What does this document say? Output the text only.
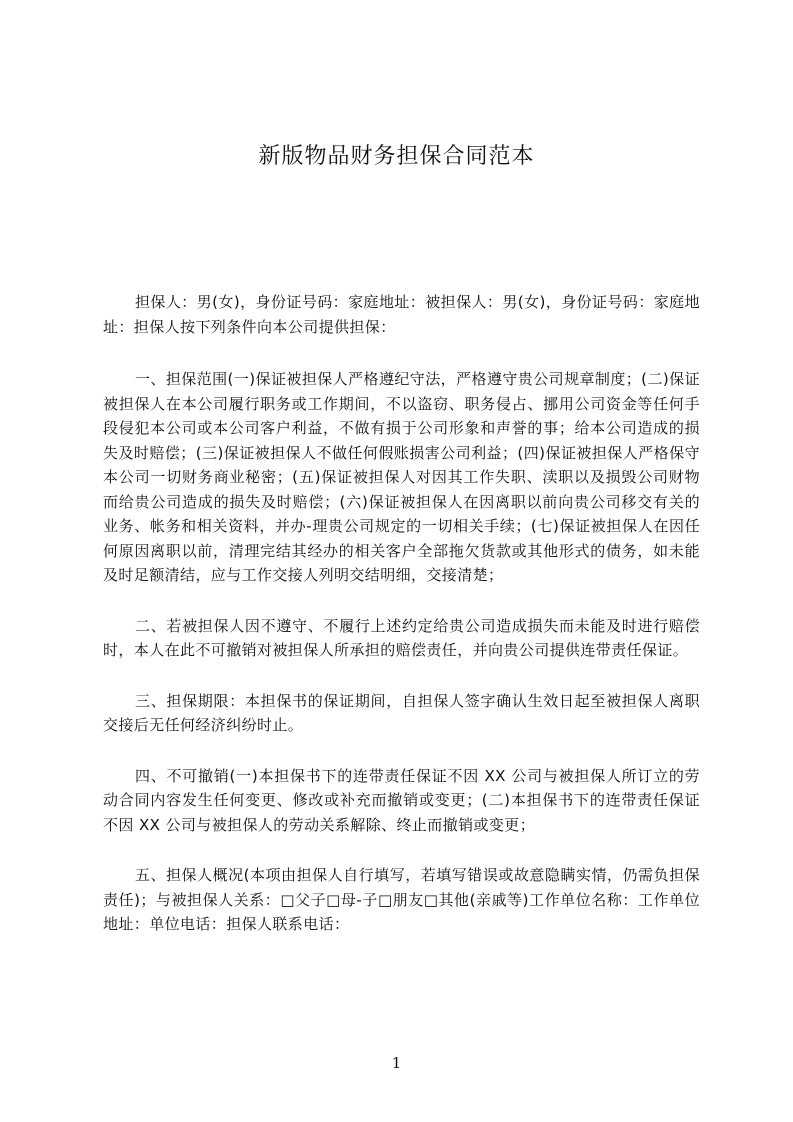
新版物品财务担保合同范本

担保人：男(女)，身份证号码：家庭地址：被担保人：男(女)，身份证号码：家庭地址：担保人按下列条件向本公司提供担保：

一、担保范围(一)保证被担保人严格遵纪守法，严格遵守贵公司规章制度；(二)保证被担保人在本公司履行职务或工作期间，不以盗窃、职务侵占、挪用公司资金等任何手段侵犯本公司或本公司客户利益，不做有损于公司形象和声誉的事；给本公司造成的损失及时赔偿；(三)保证被担保人不做任何假账损害公司利益；(四)保证被担保人严格保守本公司一切财务商业秘密；(五)保证被担保人对因其工作失职、渎职以及损毁公司财物而给贵公司造成的损失及时赔偿；(六)保证被担保人在因离职以前向贵公司移交有关的业务、帐务和相关资料，并办-理贵公司规定的一切相关手续；(七)保证被担保人在因任何原因离职以前，清理完结其经办的相关客户全部拖欠货款或其他形式的债务，如未能及时足额清结，应与工作交接人列明交结明细，交接清楚；

二、若被担保人因不遵守、不履行上述约定给贵公司造成损失而未能及时进行赔偿时，本人在此不可撤销对被担保人所承担的赔偿责任，并向贵公司提供连带责任保证。

三、担保期限：本担保书的保证期间，自担保人签字确认生效日起至被担保人离职交接后无任何经济纠纷时止。

四、不可撤销(一)本担保书下的连带责任保证不因 XX 公司与被担保人所订立的劳动合同内容发生任何变更、修改或补充而撤销或变更；(二)本担保书下的连带责任保证不因 XX 公司与被担保人的劳动关系解除、终止而撤销或变更；

五、担保人概况(本项由担保人自行填写，若填写错误或故意隐瞒实情，仍需负担保责任)；与被担保人关系：□父子□母-子□朋友□其他(亲戚等)工作单位名称：工作单位地址：单位电话：担保人联系电话：

1
